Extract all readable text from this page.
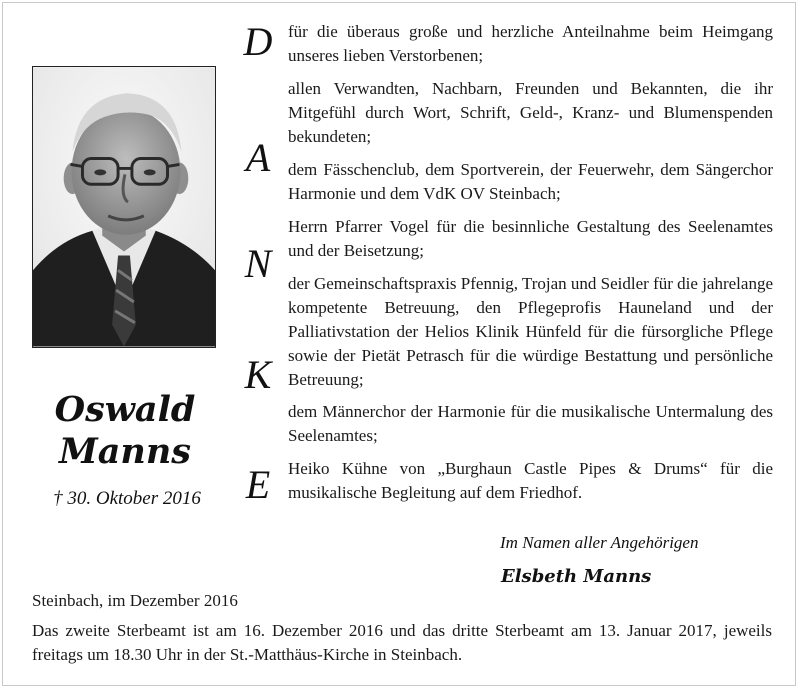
Oswald

Manns

† 30. Oktober 2016
D
A
N
K
E

für die überaus große und herzliche Anteilnahme beim Heimgang unseres lieben Verstorbenen;

allen Verwandten, Nachbarn, Freunden und Bekannten, die ihr Mitgefühl durch Wort, Schrift, Geld-, Kranz- und Blumenspenden bekundeten;

dem Fässchenclub, dem Sportverein, der Feuerwehr, dem Sängerchor Harmonie und dem VdK OV Steinbach;

Herrn Pfarrer Vogel für die besinnliche Gestaltung des Seelenamtes und der Beisetzung;

der Gemeinschaftspraxis Pfennig, Trojan und Seidler für die jahrelange kompetente Betreuung, den Pflegeprofis Hauneland und der Palliativstation der Helios Klinik Hünfeld für die fürsorgliche Pflege sowie der Pietät Petrasch für die würdige Bestattung und persönliche Betreuung;

dem Männerchor der Harmonie für die musikalische Untermalung des Seelenamtes;

Heiko Kühne von „Burghaun Castle Pipes & Drums“ für die musikalische Begleitung auf dem Friedhof.

Im Namen aller Angehörigen
Elsbeth Manns
Steinbach, im Dezember 2016

Das zweite Sterbeamt ist am 16. Dezember 2016 und das dritte Sterbeamt am 13. Januar 2017, jeweils freitags um 18.30 Uhr in der St.-Matthäus-Kirche in Steinbach.
